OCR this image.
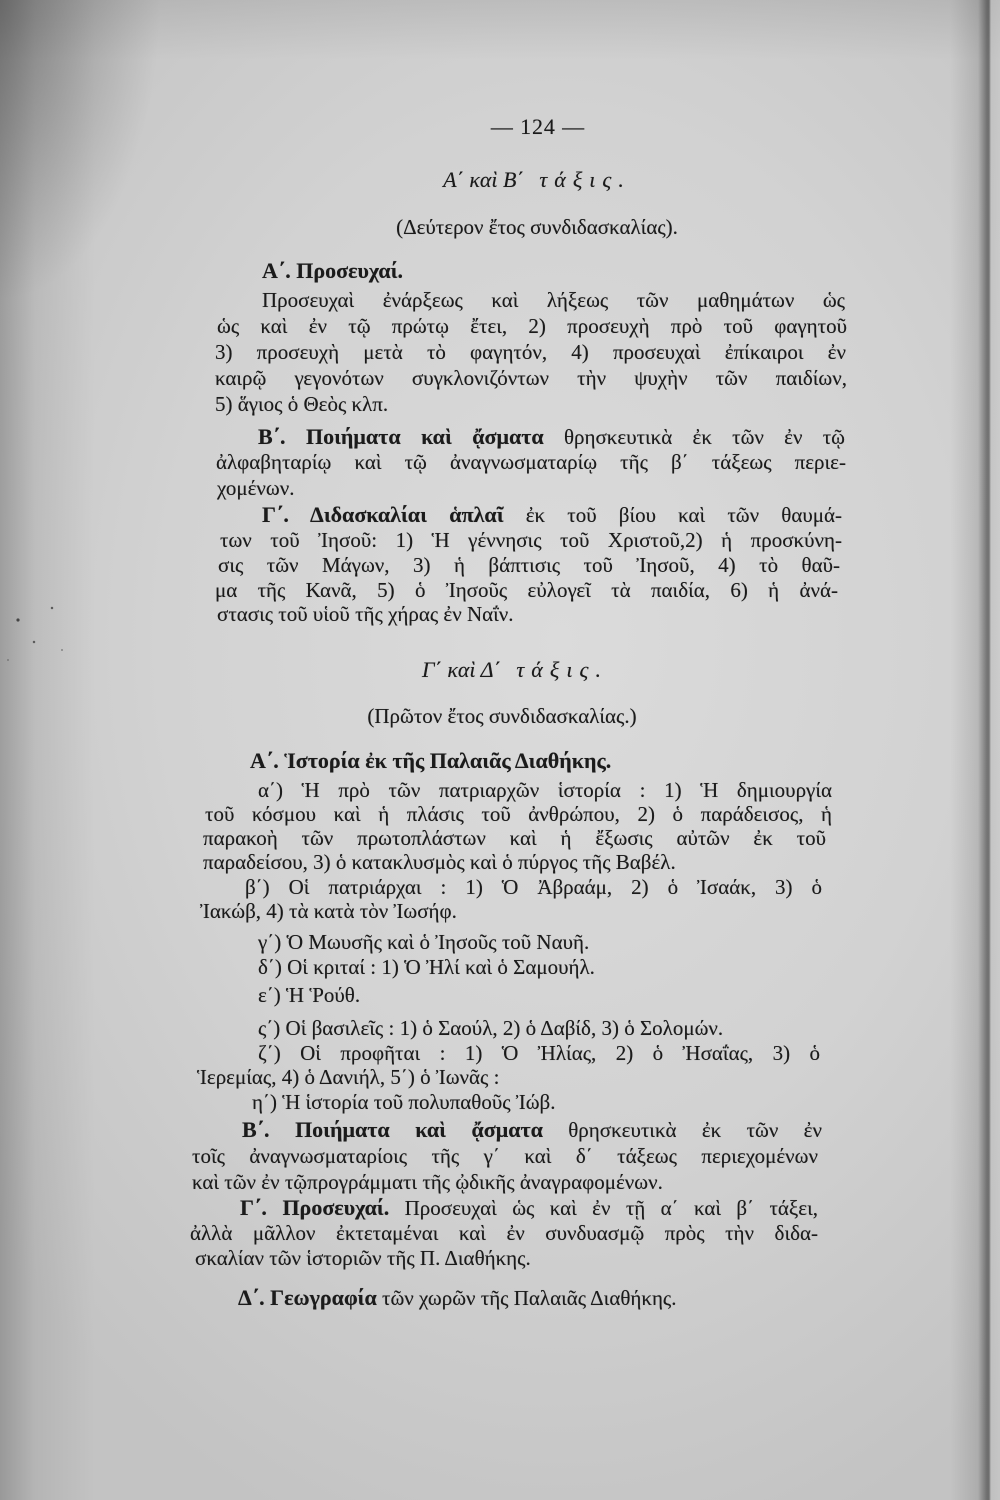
— 124 —
Α΄ καὶ Β΄ τάξις.
(Δεύτερον ἔτος συνδιδασκαλίας).
Α΄. Προσευχαί.
Προσευχαὶ ἐνάρξεως καὶ λήξεως τῶν μαθημάτων ὡς
ὡς καὶ ἐν τῷ πρώτῳ ἔτει, 2) προσευχὴ πρὸ τοῦ φαγητοῦ
3) προσευχὴ μετὰ τὸ φαγητόν, 4) προσευχαὶ ἐπίκαιροι ἐν
καιρῷ γεγονότων συγκλονιζόντων τὴν ψυχὴν τῶν παιδίων,
5) ἅγιος ὁ Θεὸς κλπ.
Β΄. Ποιήματα καὶ ᾄσματα θρησκευτικὰ ἐκ τῶν ἐν τῷ
ἀλφαβηταρίῳ καὶ τῷ ἀναγνωσματαρίῳ τῆς β΄ τάξεως περιε-
χομένων.
Γ΄. Διδασκαλίαι ἁπλαῖ ἐκ τοῦ βίου καὶ τῶν θαυμά-
των τοῦ Ἰησοῦ: 1) Ἡ γέννησις τοῦ Χριστοῦ,2) ἡ προσκύνη-
σις τῶν Μάγων, 3) ἡ βάπτισις τοῦ Ἰησοῦ, 4) τὸ θαῦ-
μα τῆς Κανᾶ, 5) ὁ Ἰησοῦς εὐλογεῖ τὰ παιδία, 6) ἡ ἀνά-
στασις τοῦ υἱοῦ τῆς χήρας ἐν Ναΐν.
Γ΄ καὶ Δ΄ τάξις.
(Πρῶτον ἔτος συνδιδασκαλίας.)
Α΄. Ἱστορία ἐκ τῆς Παλαιᾶς Διαθήκης.
α΄) Ἡ πρὸ τῶν πατριαρχῶν ἱστορία : 1) Ἡ δημιουργία
τοῦ κόσμου καὶ ἡ πλάσις τοῦ ἀνθρώπου, 2) ὁ παράδεισος, ἡ
παρακοὴ τῶν πρωτοπλάστων καὶ ἡ ἔξωσις αὐτῶν ἐκ τοῦ
παραδείσου, 3) ὁ κατακλυσμὸς καὶ ὁ πύργος τῆς Βαβέλ.
β΄) Οἱ πατριάρχαι : 1) Ὁ Ἀβραάμ, 2) ὁ Ἰσαάκ, 3) ὁ
Ἰακώβ, 4) τὰ κατὰ τὸν Ἰωσήφ.
γ΄) Ὁ Μωυσῆς καὶ ὁ Ἰησοῦς τοῦ Ναυῆ.
δ΄) Οἱ κριταί : 1) Ὁ Ἠλί καὶ ὁ Σαμουήλ.
ε΄) Ἡ Ῥούθ.
ς΄) Οἱ βασιλεῖς : 1) ὁ Σαούλ, 2) ὁ Δαβίδ, 3) ὁ Σολομών.
ζ΄) Οἱ προφῆται : 1) Ὁ Ἠλίας, 2) ὁ Ἠσαΐας, 3) ὁ
Ἱερεμίας, 4) ὁ Δανιήλ, 5΄) ὁ Ἰωνᾶς :
η΄) Ἡ ἱστορία τοῦ πολυπαθοῦς Ἰώβ.
Β΄. Ποιήματα καὶ ᾄσματα θρησκευτικὰ ἐκ τῶν ἐν
τοῖς ἀναγνωσματαρίοις τῆς γ΄ καὶ δ΄ τάξεως περιεχομένων
καὶ τῶν ἐν τῷπρογράμματι τῆς ᾠδικῆς ἀναγραφομένων.
Γ΄. Προσευχαί. Προσευχαὶ ὡς καὶ ἐν τῇ α΄ καὶ β΄ τάξει,
ἀλλὰ μᾶλλον ἐκτεταμέναι καὶ ἐν συνδυασμῷ πρὸς τὴν διδα-
σκαλίαν τῶν ἱστοριῶν τῆς Π. Διαθήκης.
Δ΄. Γεωγραφία τῶν χωρῶν τῆς Παλαιᾶς Διαθήκης.
